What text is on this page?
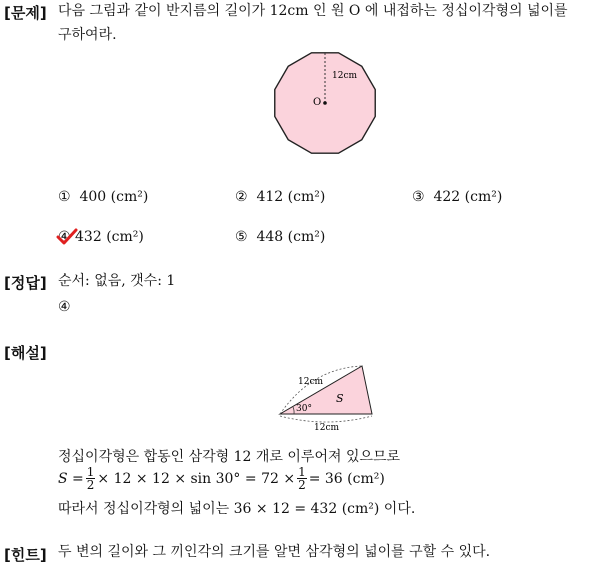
[문제] 다음 그림과 같이 반지름의 길이가 12cm 인 원 O 에 내접하는 정십이각형의 넓이를
구하여라.
12cm
O
① 400 (cm²)	② 412 (cm²)	③ 422 (cm²)
④ 432 (cm²)	⑤ 448 (cm²)
[정답] 순서: 없음, 갯수: 1
④
[해설]
12cm
12cm
30°
S
정십이각형은 합동인 삼각형 12 개로 이루어져 있으므로
$S = \frac{1}{2} \times 12 \times 12 \times \sin 30^\circ = 72 \times \frac{1}{2} = 36$ (cm²)
따라서 정십이각형의 넓이는 36 × 12 = 432 (cm²) 이다.
[힌트] 두 변의 길이와 그 끼인각의 크기를 알면 삼각형의 넓이를 구할 수 있다.
